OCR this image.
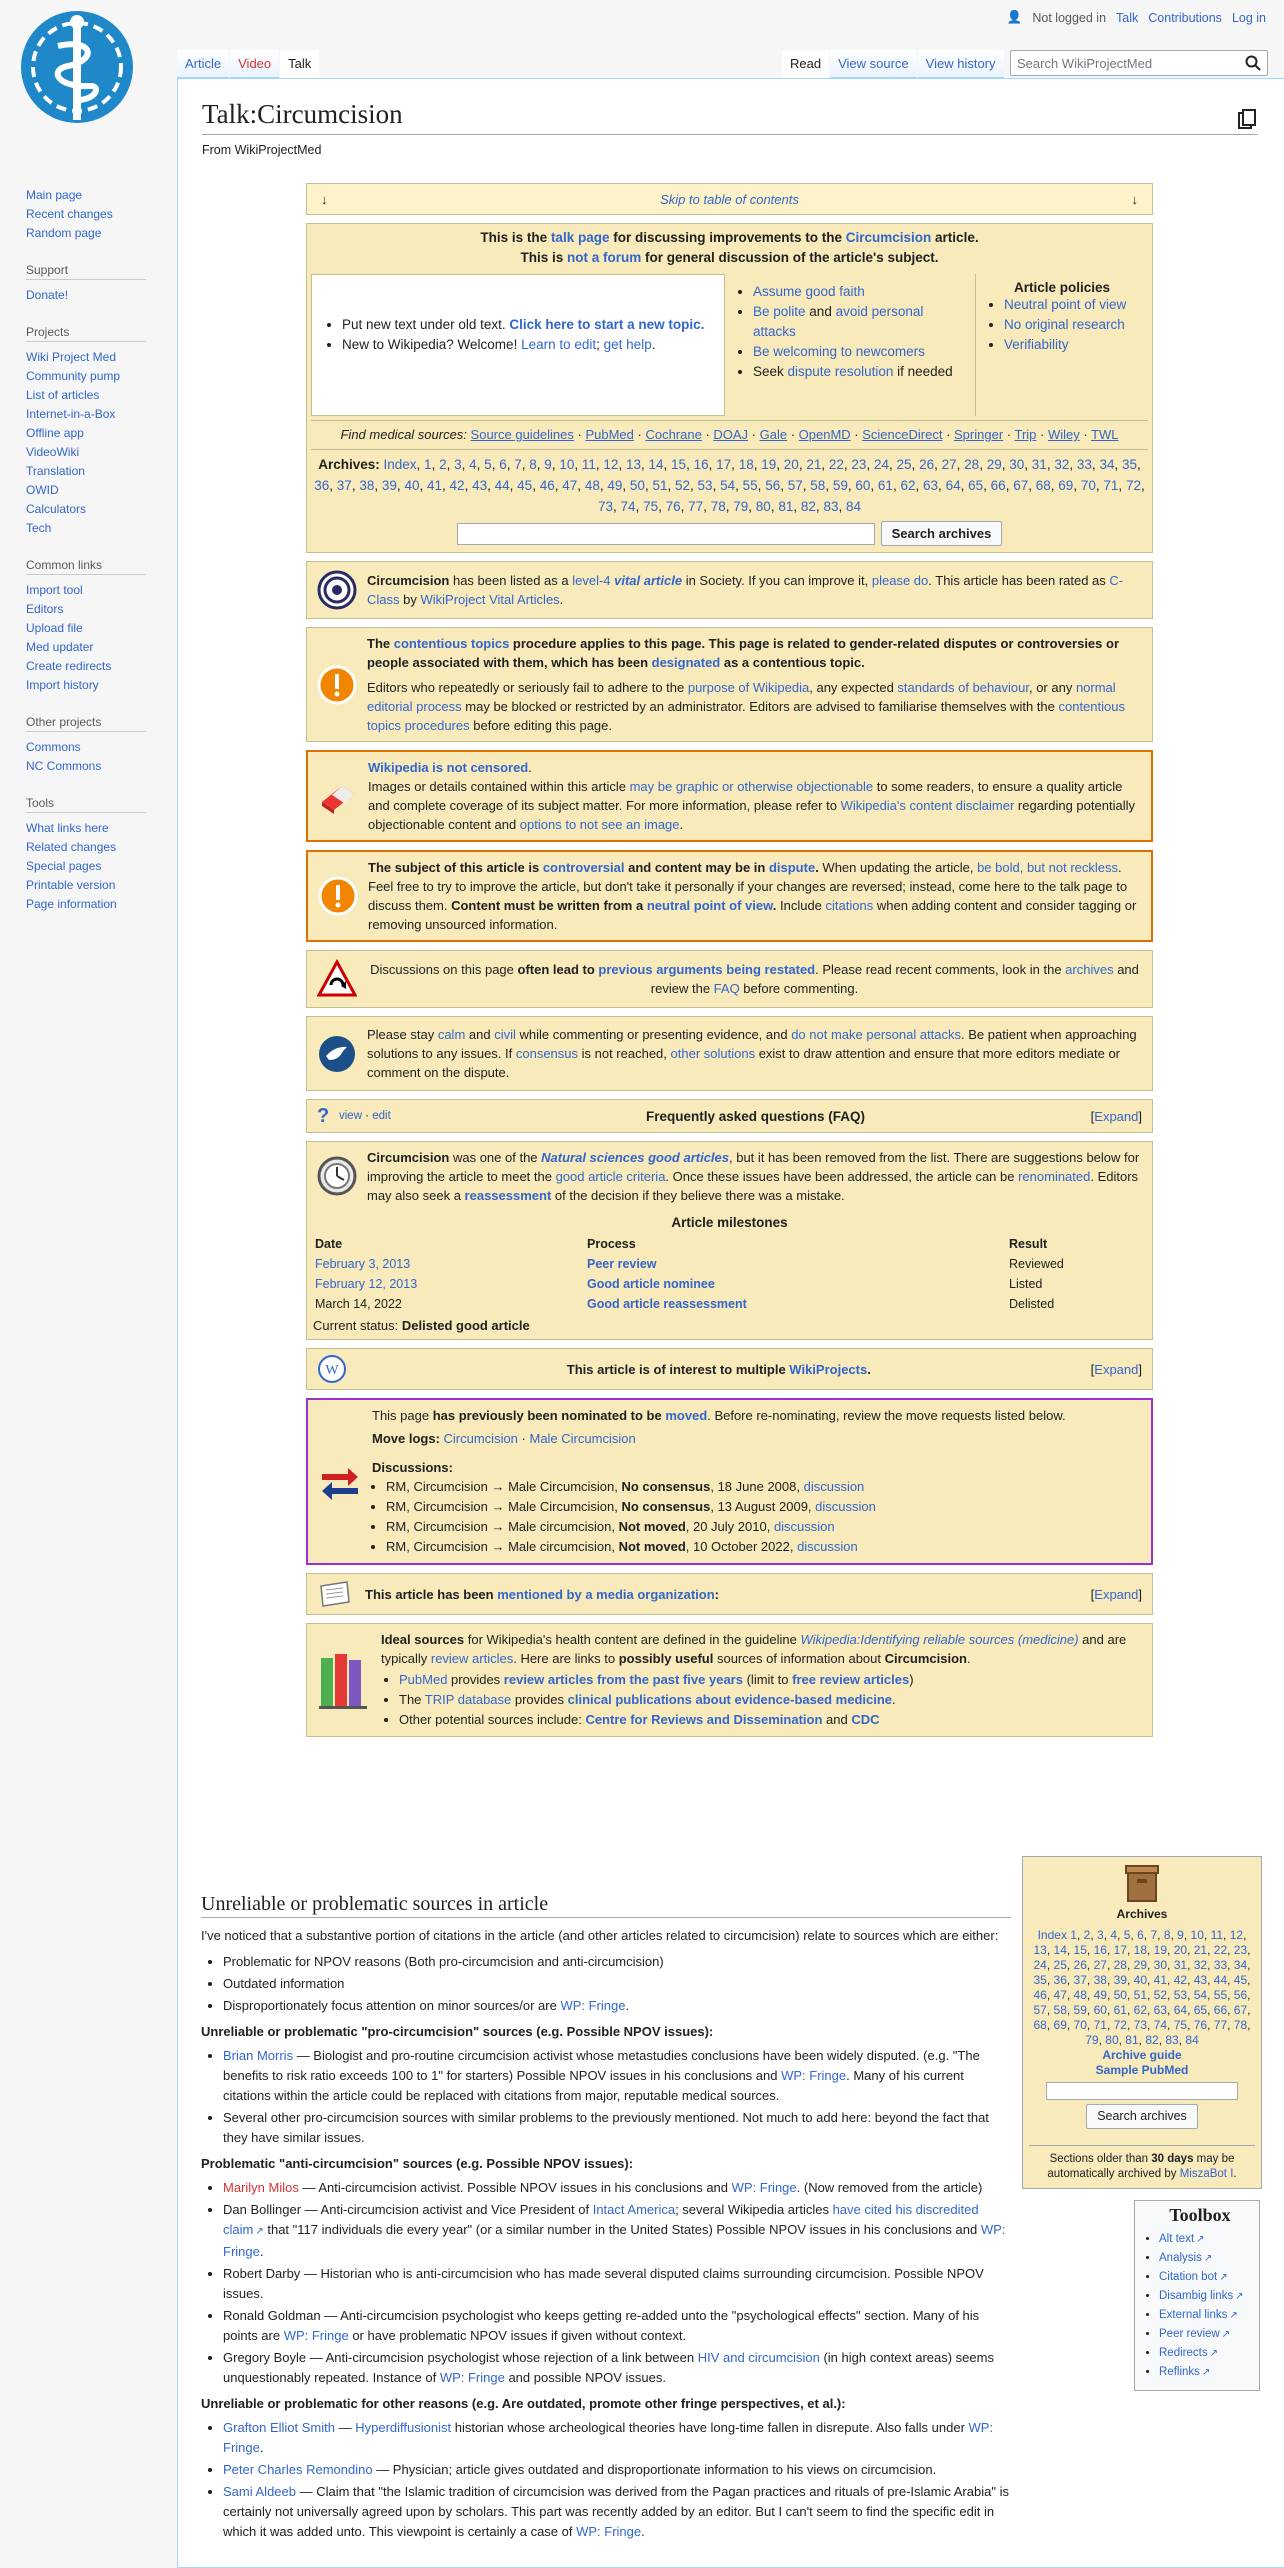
👤 Not logged in Talk Contributions Log in
Talk:Circumcision
From WikiProjectMed
Article	Video	Talk	Read	View source	View history	Search WikiProjectMed
Main page
Recent changes
Random page
Support
Donate!
Projects
Wiki Project Med
Community pump
List of articles
Internet-in-a-Box
Offline app
VideoWiki
Translation
OWID
Calculators
Tech
Common links
Import tool
Editors
Upload file
Med updater
Create redirects
Import history
Other projects
Commons
NC Commons
Tools
What links here
Related changes
Special pages
Printable version
Page information
↓	Skip to table of contents	↓
This is the talk page for discussing improvements to the Circumcision article.
This is not a forum for general discussion of the article's subject.
• Put new text under old text. Click here to start a new topic.
• New to Wikipedia? Welcome! Learn to edit; get help.
• Assume good faith
• Be polite and avoid personal attacks
• Be welcoming to newcomers
• Seek dispute resolution if needed
Article policies
• Neutral point of view
• No original research
• Verifiability
Find medical sources: Source guidelines · PubMed · Cochrane · DOAJ · Gale · OpenMD · ScienceDirect · Springer · Trip · Wiley · TWL
Archives: Index, 1, 2, 3, 4, 5, 6, 7, 8, 9, 10, 11, 12, 13, 14, 15, 16, 17, 18, 19, 20, 21, 22, 23, 24, 25, 26, 27, 28, 29, 30, 31, 32, 33, 34, 35, 36, 37, 38, 39, 40, 41, 42, 43, 44, 45, 46, 47, 48, 49, 50, 51, 52, 53, 54, 55, 56, 57, 58, 59, 60, 61, 62, 63, 64, 65, 66, 67, 68, 69, 70, 71, 72, 73, 74, 75, 76, 77, 78, 79, 80, 81, 82, 83, 84
Search archives
Circumcision has been listed as a level-4 vital article in Society. If you can improve it, please do. This article has been rated as C-Class by WikiProject Vital Articles.
The contentious topics procedure applies to this page. This page is related to gender-related disputes or controversies or people associated with them, which has been designated as a contentious topic.
Editors who repeatedly or seriously fail to adhere to the purpose of Wikipedia, any expected standards of behaviour, or any normal editorial process may be blocked or restricted by an administrator. Editors are advised to familiarise themselves with the contentious topics procedures before editing this page.
Wikipedia is not censored.
Images or details contained within this article may be graphic or otherwise objectionable to some readers, to ensure a quality article and complete coverage of its subject matter. For more information, please refer to Wikipedia's content disclaimer regarding potentially objectionable content and options to not see an image.
The subject of this article is controversial and content may be in dispute. When updating the article, be bold, but not reckless. Feel free to try to improve the article, but don't take it personally if your changes are reversed; instead, come here to the talk page to discuss them. Content must be written from a neutral point of view. Include citations when adding content and consider tagging or removing unsourced information.
Discussions on this page often lead to previous arguments being restated. Please read recent comments, look in the archives and review the FAQ before commenting.
Please stay calm and civil while commenting or presenting evidence, and do not make personal attacks. Be patient when approaching solutions to any issues. If consensus is not reached, other solutions exist to draw attention and ensure that more editors mediate or comment on the dispute.
? view · edit	Frequently asked questions (FAQ)	[Expand]
Circumcision was one of the Natural sciences good articles, but it has been removed from the list. There are suggestions below for improving the article to meet the good article criteria. Once these issues have been addressed, the article can be renominated. Editors may also seek a reassessment of the decision if they believe there was a mistake.
Article milestones
Date	Process	Result
February 3, 2013	Peer review	Reviewed
February 12, 2013	Good article nominee	Listed
March 14, 2022	Good article reassessment	Delisted
Current status: Delisted good article
W	This article is of interest to multiple WikiProjects.	[Expand]
This page has previously been nominated to be moved. Before re-nominating, review the move requests listed below.
Move logs: Circumcision · Male Circumcision
Discussions:
• RM, Circumcision → Male Circumcision, No consensus, 18 June 2008, discussion
• RM, Circumcision → Male Circumcision, No consensus, 13 August 2009, discussion
• RM, Circumcision → Male circumcision, Not moved, 20 July 2010, discussion
• RM, Circumcision → Male circumcision, Not moved, 10 October 2022, discussion
This article has been mentioned by a media organization:	[Expand]
Ideal sources for Wikipedia's health content are defined in the guideline Wikipedia:Identifying reliable sources (medicine) and are typically review articles. Here are links to possibly useful sources of information about Circumcision.
• PubMed provides review articles from the past five years (limit to free review articles)
• The TRIP database provides clinical publications about evidence-based medicine.
• Other potential sources include: Centre for Reviews and Dissemination and CDC
Archives
Index 1, 2, 3, 4, 5, 6, 7, 8, 9, 10, 11, 12, 13, 14, 15, 16, 17, 18, 19, 20, 21, 22, 23, 24, 25, 26, 27, 28, 29, 30, 31, 32, 33, 34, 35, 36, 37, 38, 39, 40, 41, 42, 43, 44, 45, 46, 47, 48, 49, 50, 51, 52, 53, 54, 55, 56, 57, 58, 59, 60, 61, 62, 63, 64, 65, 66, 67, 68, 69, 70, 71, 72, 73, 74, 75, 76, 77, 78, 79, 80, 81, 82, 83, 84
Archive guide
Sample PubMed
Search archives
Sections older than 30 days may be automatically archived by MiszaBot I.
Unreliable or problematic sources in article

I've noticed that a substantive portion of citations in the article (and other articles related to circumcision) relate to sources which are either:

• Problematic for NPOV reasons (Both pro-circumcision and anti-circumcision)
• Outdated information
• Disproportionately focus attention on minor sources/or are WP: Fringe.
Unreliable or problematic "pro-circumcision" sources (e.g. Possible NPOV issues):
• Brian Morris — Biologist and pro-routine circumcision activist whose metastudies conclusions have been widely disputed. (e.g. "The benefits to risk ratio exceeds 100 to 1" for starters) Possible NPOV issues in his conclusions and WP: Fringe. Many of his current citations within the article could be replaced with citations from major, reputable medical sources.
• Several other pro-circumcision sources with similar problems to the previously mentioned. Not much to add here: beyond the fact that they have similar issues.
Problematic "anti-circumcision" sources (e.g. Possible NPOV issues):
• Marilyn Milos — Anti-circumcision activist. Possible NPOV issues in his conclusions and WP: Fringe. (Now removed from the article)
• Dan Bollinger — Anti-circumcision activist and Vice President of Intact America; several Wikipedia articles have cited his discredited claim ↗ that "117 individuals die every year" (or a similar number in the United States) Possible NPOV issues in his conclusions and WP: Fringe.
• Robert Darby — Historian who is anti-circumcision who has made several disputed claims surrounding circumcision. Possible NPOV issues.
• Ronald Goldman — Anti-circumcision psychologist who keeps getting re-added unto the "psychological effects" section. Many of his points are WP: Fringe or have problematic NPOV issues if given without context.
• Gregory Boyle — Anti-circumcision psychologist whose rejection of a link between HIV and circumcision (in high context areas) seems unquestionably repeated. Instance of WP: Fringe and possible NPOV issues.
Unreliable or problematic for other reasons (e.g. Are outdated, promote other fringe perspectives, et al.):
• Grafton Elliot Smith — Hyperdiffusionist historian whose archeological theories have long-time fallen in disrepute. Also falls under WP: Fringe.
• Peter Charles Remondino — Physician; article gives outdated and disproportionate information to his views on circumcision.
• Sami Aldeeb — Claim that "the Islamic tradition of circumcision was derived from the Pagan practices and rituals of pre-Islamic Arabia" is certainly not universally agreed upon by scholars. This part was recently added by an editor. But I can't seem to find the specific edit in which it was added unto. This viewpoint is certainly a case of WP: Fringe.
Toolbox
• Alt text ↗
• Analysis ↗
• Citation bot ↗
• Disambig links ↗
• External links ↗
• Peer review ↗
• Redirects ↗
• Reflinks ↗
